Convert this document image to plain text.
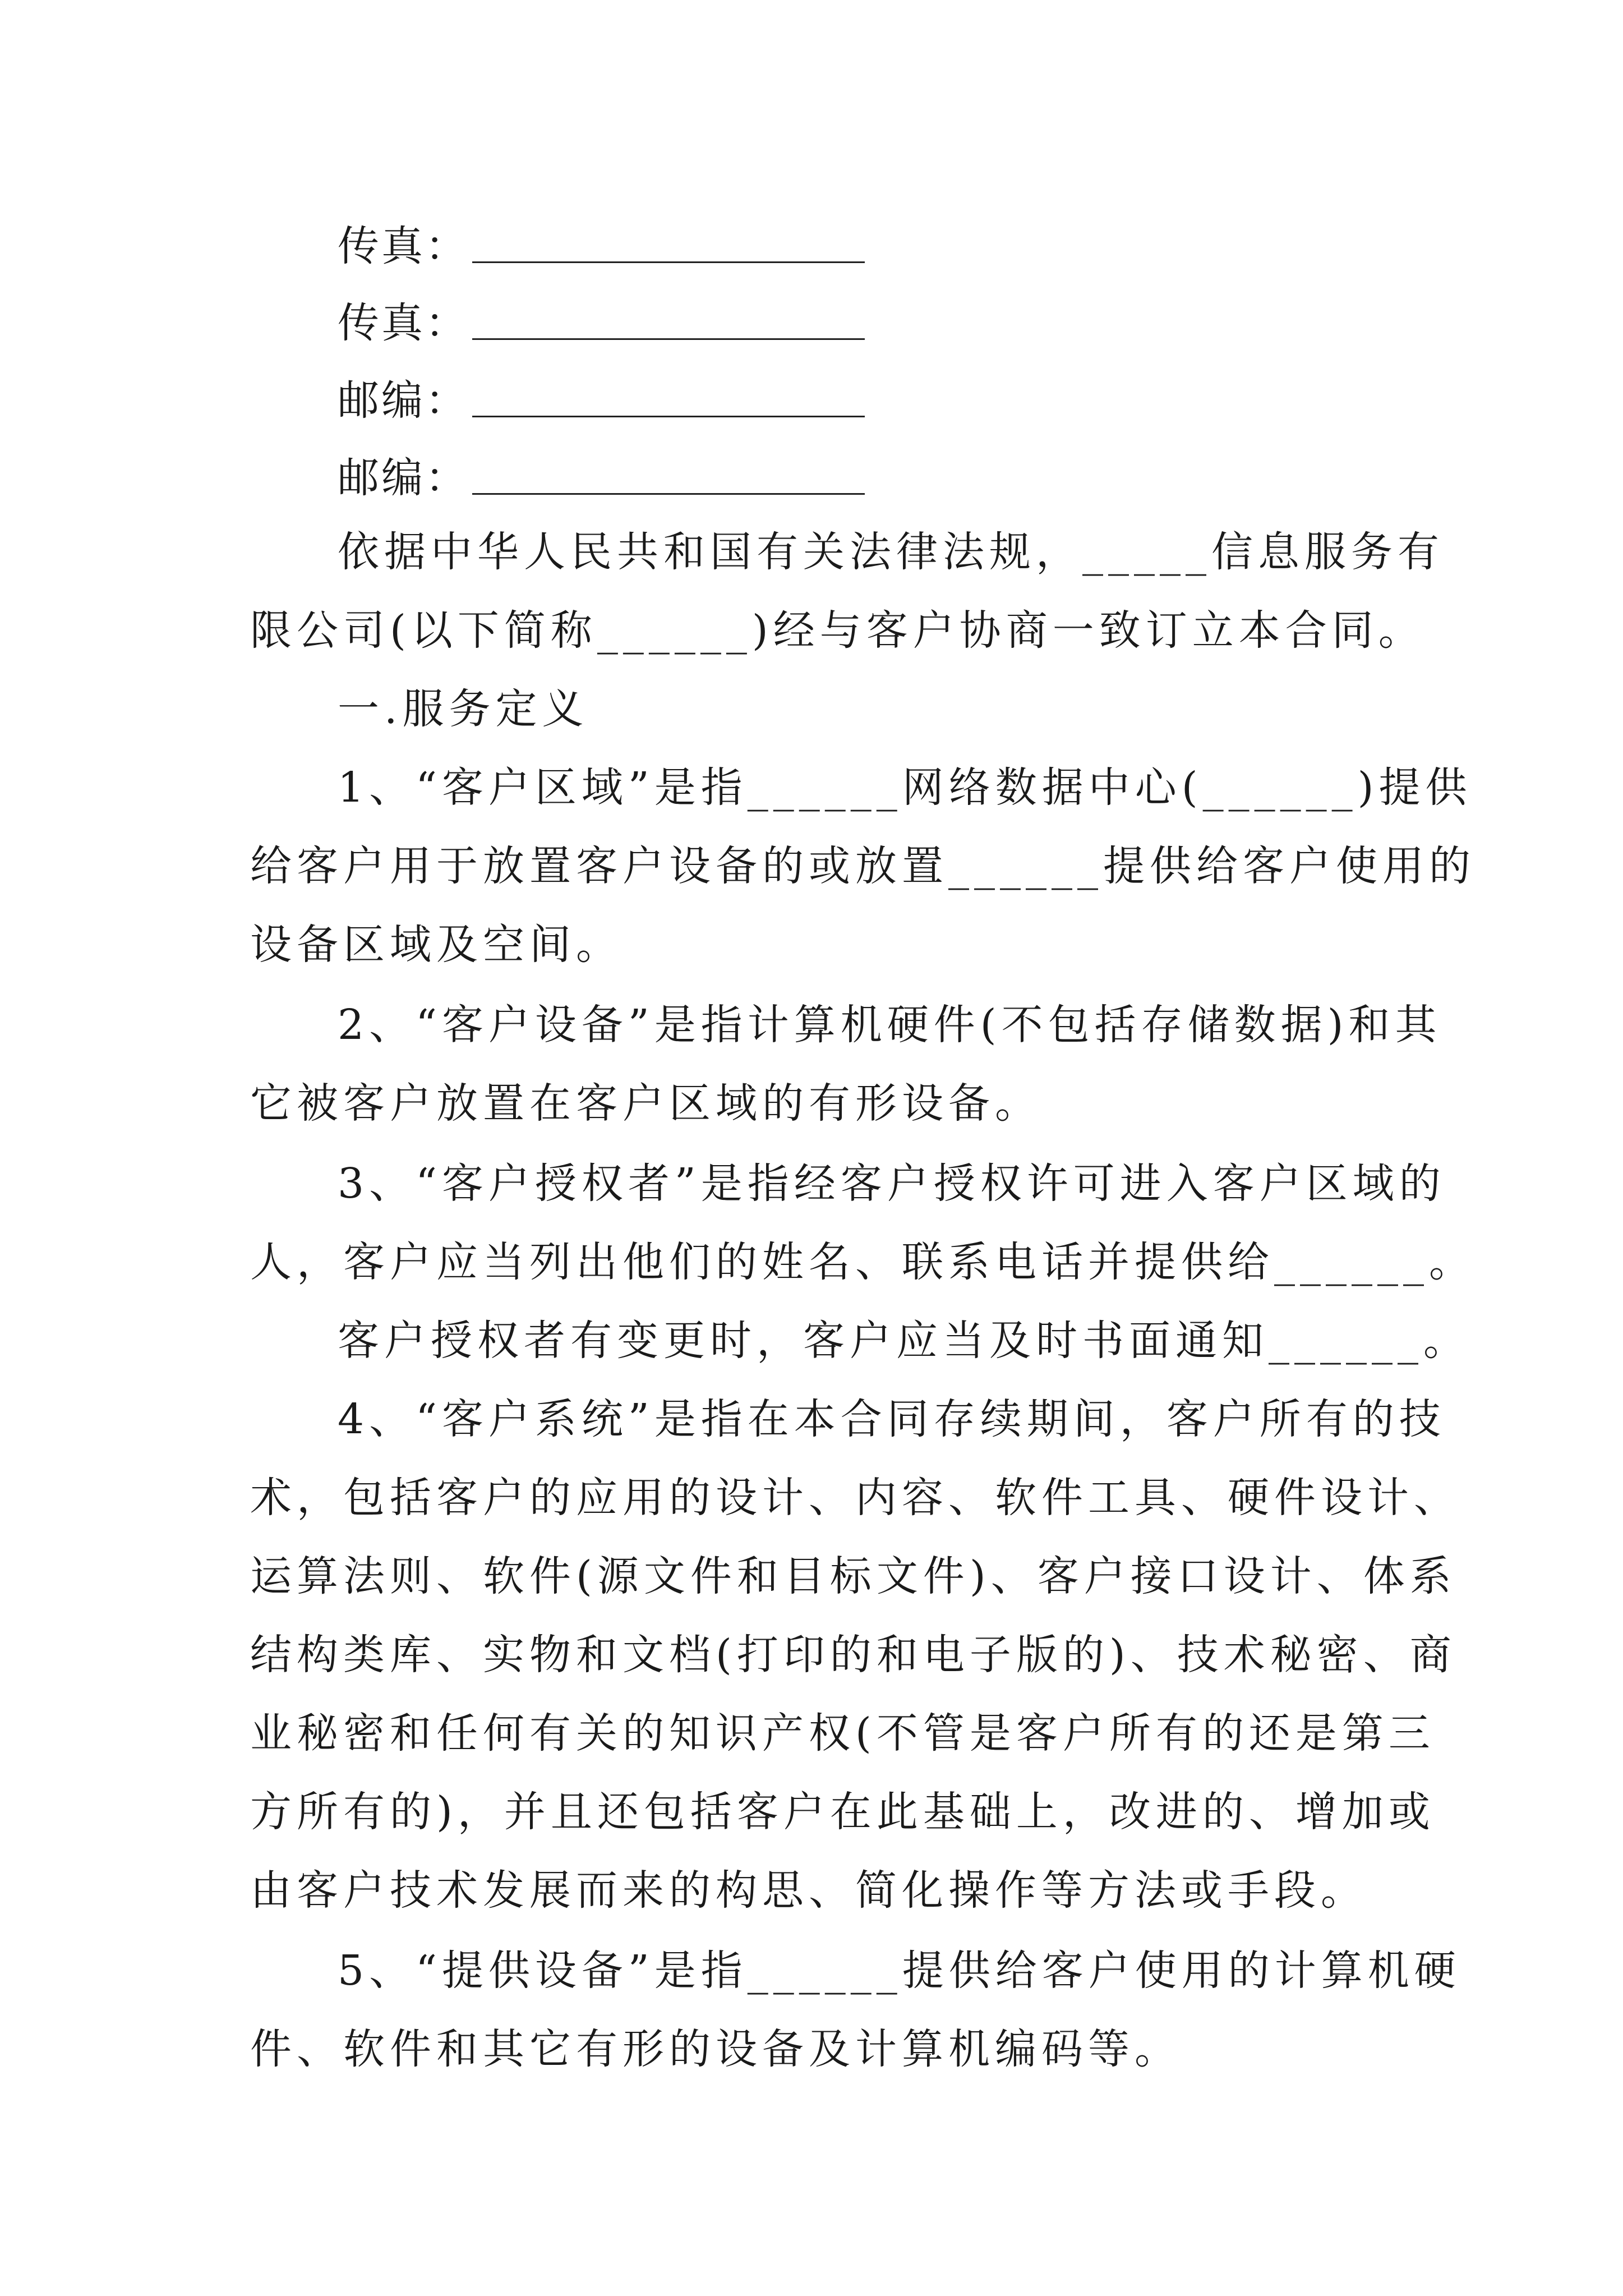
传真：
传真：
邮编：
邮编：
依据中华人民共和国有关法律法规，_____信息服务有
限公司(以下简称______)经与客户协商一致订立本合同。
一.服务定义
1、“客户区域”是指______网络数据中心(______)提供
给客户用于放置客户设备的或放置______提供给客户使用的
设备区域及空间。
2、“客户设备”是指计算机硬件(不包括存储数据)和其
它被客户放置在客户区域的有形设备。
3、“客户授权者”是指经客户授权许可进入客户区域的
人，客户应当列出他们的姓名、联系电话并提供给______。
客户授权者有变更时，客户应当及时书面通知______。
4、“客户系统”是指在本合同存续期间，客户所有的技
术，包括客户的应用的设计、内容、软件工具、硬件设计、
运算法则、软件(源文件和目标文件)、客户接口设计、体系
结构类库、实物和文档(打印的和电子版的)、技术秘密、商
业秘密和任何有关的知识产权(不管是客户所有的还是第三
方所有的)，并且还包括客户在此基础上，改进的、增加或
由客户技术发展而来的构思、简化操作等方法或手段。
5、“提供设备”是指______提供给客户使用的计算机硬
件、软件和其它有形的设备及计算机编码等。
